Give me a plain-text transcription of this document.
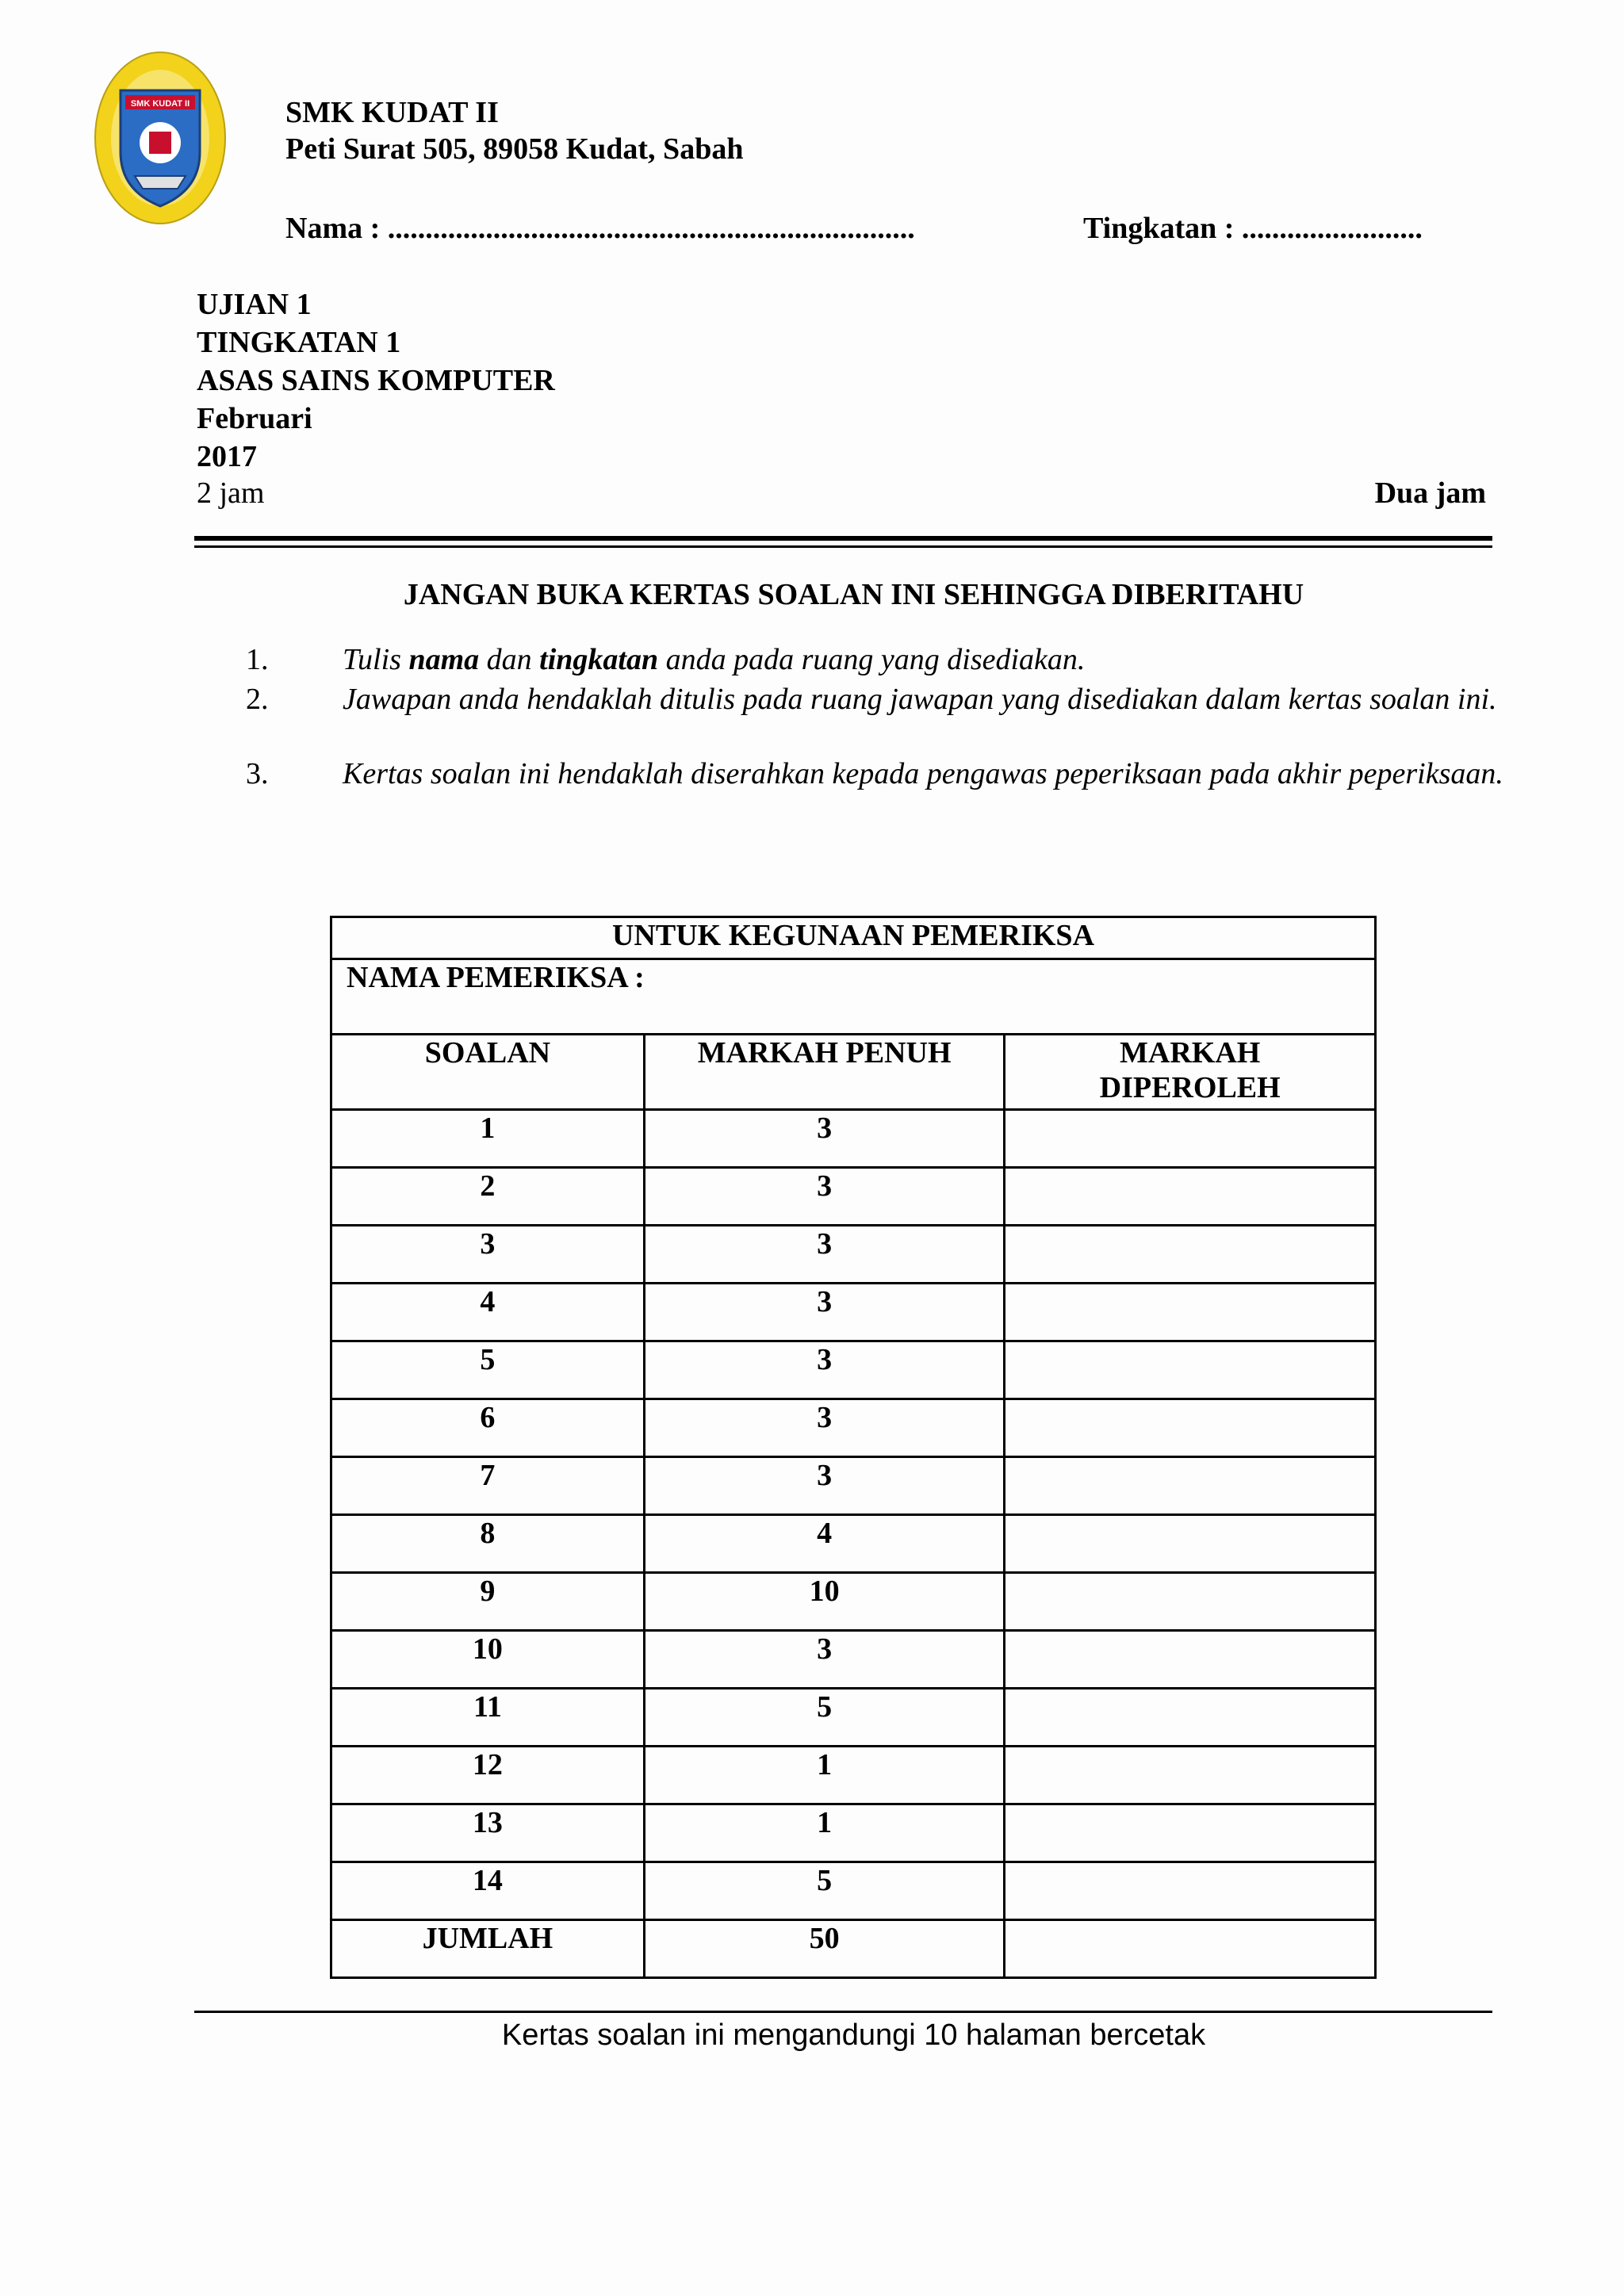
SMK KUDAT II	SMK KUDAT II
Peti Surat 505, 89058 Kudat, Sabah
Nama : ......................................................................	Tingkatan : ........................
UJIAN 1
TINGKATAN 1
ASAS SAINS KOMPUTER
Februari
2017
2 jam	Dua jam
JANGAN BUKA KERTAS SOALAN INI SEHINGGA DIBERITAHU
1. Tulis nama dan tingkatan anda pada ruang yang disediakan.
2. Jawapan anda hendaklah ditulis pada ruang jawapan yang disediakan dalam kertas soalan ini.
3. Kertas soalan ini hendaklah diserahkan kepada pengawas peperiksaan pada akhir peperiksaan.
UNTUK KEGUNAAN PEMERIKSA		
NAMA PEMERIKSA :		
SOALAN	MARKAH PENUH	MARKAH DIPEROLEH
1	3	
2	3	
3	3	
4	3	
5	3	
6	3	
7	3	
8	4	
9	10	
10	3	
11	5	
12	1	
13	1	
14	5	
JUMLAH	50	
Kertas soalan ini mengandungi 10 halaman bercetak
